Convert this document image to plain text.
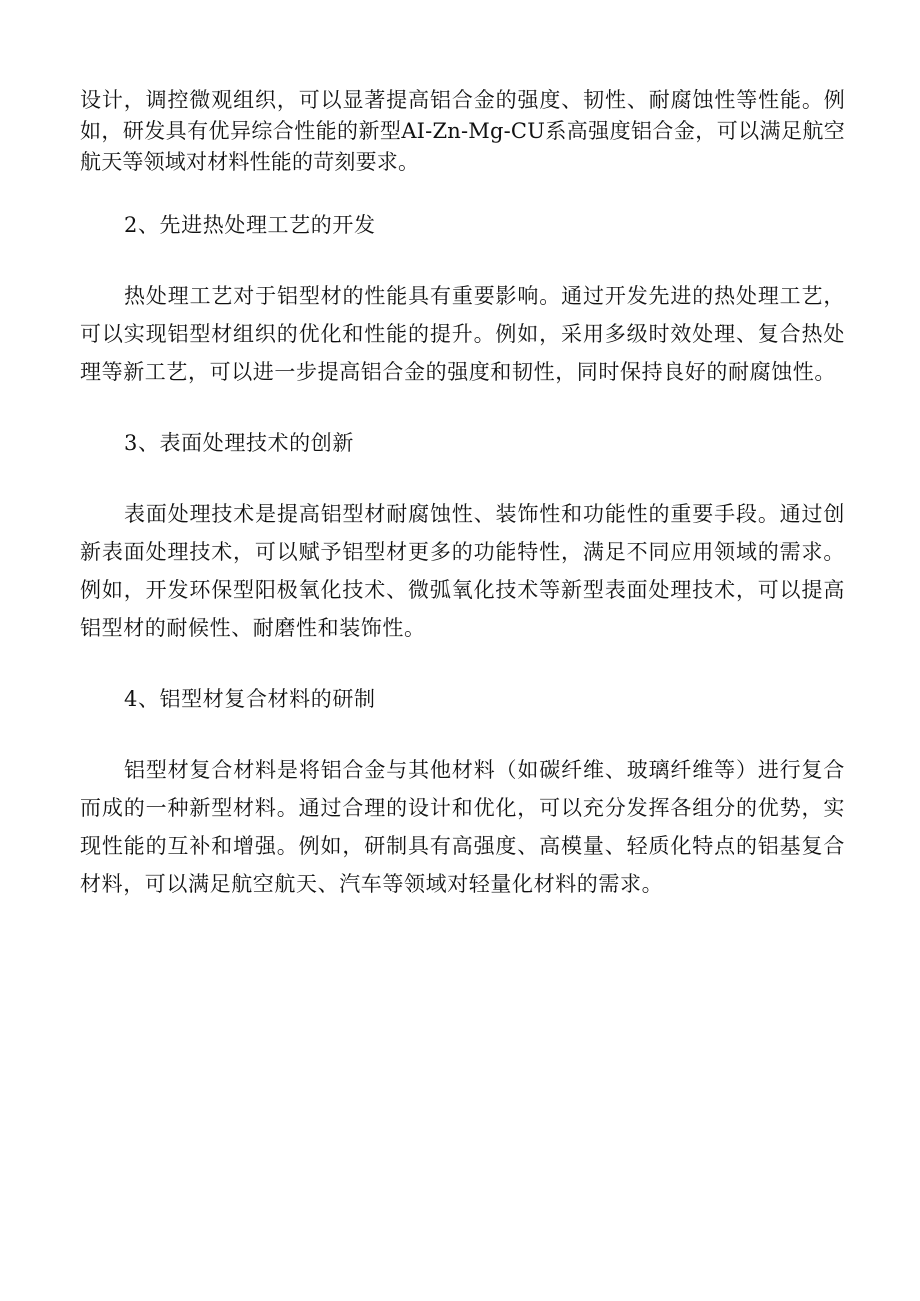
设计，调控微观组织，可以显著提高铝合金的强度、韧性、耐腐蚀性等性能。例如，研发具有优异综合性能的新型AI-Zn-Mg-CU系高强度铝合金，可以满足航空航天等领域对材料性能的苛刻要求。

2、先进热处理工艺的开发

热处理工艺对于铝型材的性能具有重要影响。通过开发先进的热处理工艺，可以实现铝型材组织的优化和性能的提升。例如，采用多级时效处理、复合热处理等新工艺，可以进一步提高铝合金的强度和韧性，同时保持良好的耐腐蚀性。

3、表面处理技术的创新

表面处理技术是提高铝型材耐腐蚀性、装饰性和功能性的重要手段。通过创新表面处理技术，可以赋予铝型材更多的功能特性，满足不同应用领域的需求。例如，开发环保型阳极氧化技术、微弧氧化技术等新型表面处理技术，可以提高铝型材的耐候性、耐磨性和装饰性。

4、铝型材复合材料的研制

铝型材复合材料是将铝合金与其他材料（如碳纤维、玻璃纤维等）进行复合而成的一种新型材料。通过合理的设计和优化，可以充分发挥各组分的优势，实现性能的互补和增强。例如，研制具有高强度、高模量、轻质化特点的铝基复合材料，可以满足航空航天、汽车等领域对轻量化材料的需求。
